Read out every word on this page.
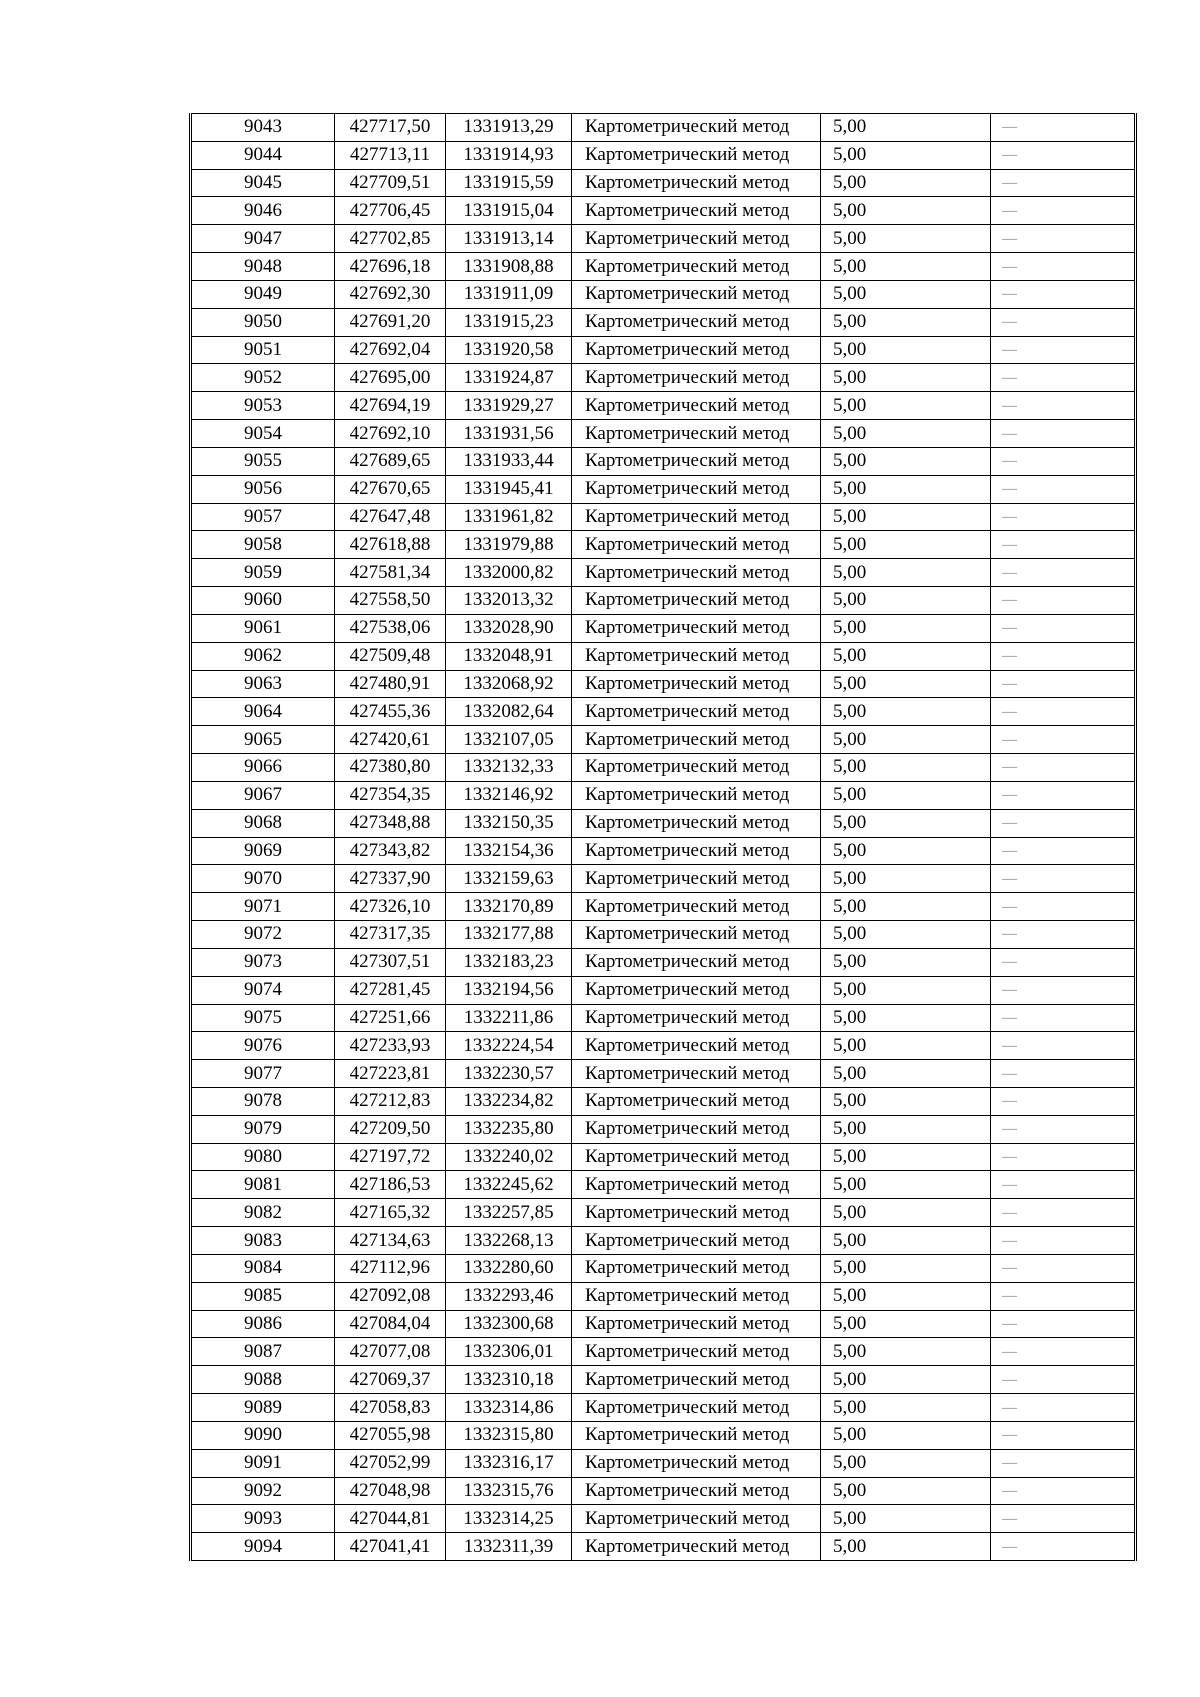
9043	427717,50	1331913,29	Картометрический метод	5,00	—
9044	427713,11	1331914,93	Картометрический метод	5,00	—
9045	427709,51	1331915,59	Картометрический метод	5,00	—
9046	427706,45	1331915,04	Картометрический метод	5,00	—
9047	427702,85	1331913,14	Картометрический метод	5,00	—
9048	427696,18	1331908,88	Картометрический метод	5,00	—
9049	427692,30	1331911,09	Картометрический метод	5,00	—
9050	427691,20	1331915,23	Картометрический метод	5,00	—
9051	427692,04	1331920,58	Картометрический метод	5,00	—
9052	427695,00	1331924,87	Картометрический метод	5,00	—
9053	427694,19	1331929,27	Картометрический метод	5,00	—
9054	427692,10	1331931,56	Картометрический метод	5,00	—
9055	427689,65	1331933,44	Картометрический метод	5,00	—
9056	427670,65	1331945,41	Картометрический метод	5,00	—
9057	427647,48	1331961,82	Картометрический метод	5,00	—
9058	427618,88	1331979,88	Картометрический метод	5,00	—
9059	427581,34	1332000,82	Картометрический метод	5,00	—
9060	427558,50	1332013,32	Картометрический метод	5,00	—
9061	427538,06	1332028,90	Картометрический метод	5,00	—
9062	427509,48	1332048,91	Картометрический метод	5,00	—
9063	427480,91	1332068,92	Картометрический метод	5,00	—
9064	427455,36	1332082,64	Картометрический метод	5,00	—
9065	427420,61	1332107,05	Картометрический метод	5,00	—
9066	427380,80	1332132,33	Картометрический метод	5,00	—
9067	427354,35	1332146,92	Картометрический метод	5,00	—
9068	427348,88	1332150,35	Картометрический метод	5,00	—
9069	427343,82	1332154,36	Картометрический метод	5,00	—
9070	427337,90	1332159,63	Картометрический метод	5,00	—
9071	427326,10	1332170,89	Картометрический метод	5,00	—
9072	427317,35	1332177,88	Картометрический метод	5,00	—
9073	427307,51	1332183,23	Картометрический метод	5,00	—
9074	427281,45	1332194,56	Картометрический метод	5,00	—
9075	427251,66	1332211,86	Картометрический метод	5,00	—
9076	427233,93	1332224,54	Картометрический метод	5,00	—
9077	427223,81	1332230,57	Картометрический метод	5,00	—
9078	427212,83	1332234,82	Картометрический метод	5,00	—
9079	427209,50	1332235,80	Картометрический метод	5,00	—
9080	427197,72	1332240,02	Картометрический метод	5,00	—
9081	427186,53	1332245,62	Картометрический метод	5,00	—
9082	427165,32	1332257,85	Картометрический метод	5,00	—
9083	427134,63	1332268,13	Картометрический метод	5,00	—
9084	427112,96	1332280,60	Картометрический метод	5,00	—
9085	427092,08	1332293,46	Картометрический метод	5,00	—
9086	427084,04	1332300,68	Картометрический метод	5,00	—
9087	427077,08	1332306,01	Картометрический метод	5,00	—
9088	427069,37	1332310,18	Картометрический метод	5,00	—
9089	427058,83	1332314,86	Картометрический метод	5,00	—
9090	427055,98	1332315,80	Картометрический метод	5,00	—
9091	427052,99	1332316,17	Картометрический метод	5,00	—
9092	427048,98	1332315,76	Картометрический метод	5,00	—
9093	427044,81	1332314,25	Картометрический метод	5,00	—
9094	427041,41	1332311,39	Картометрический метод	5,00	—
